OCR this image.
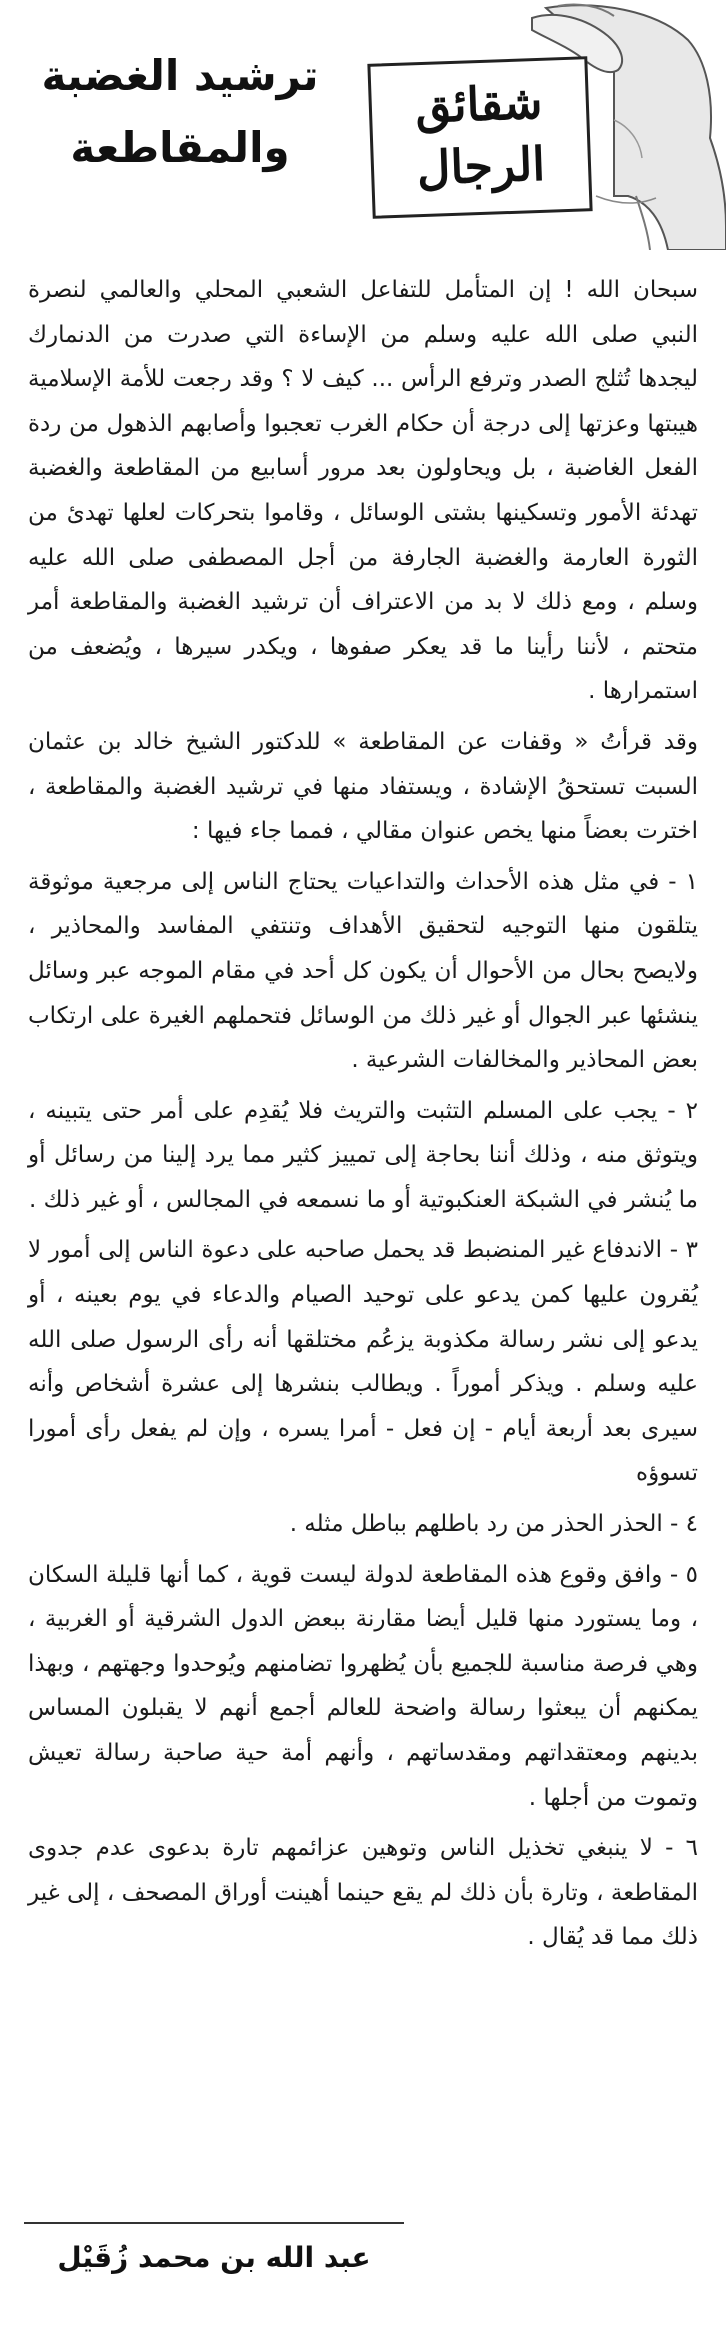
شقائق
الرجال
ترشيد الغضبة
والمقاطعة

سبحان الله ! إن المتأمل للتفاعل الشعبي المحلي والعالمي لنصرة النبي صلى الله عليه وسلم من الإساءة التي صدرت من الدنمارك ليجدها تُثلج الصدر وترفع الرأس ... كيف لا ؟ وقد رجعت للأمة الإسلامية هيبتها وعزتها إلى درجة أن حكام الغرب تعجبوا وأصابهم الذهول من ردة الفعل الغاضبة ، بل ويحاولون بعد مرور أسابيع من المقاطعة والغضبة تهدئة الأمور وتسكينها بشتى الوسائل ، وقاموا بتحركات لعلها تهدئ من الثورة العارمة والغضبة الجارفة من أجل المصطفى صلى الله عليه وسلم ، ومع ذلك لا بد من الاعتراف أن ترشيد الغضبة والمقاطعة أمر متحتم ، لأننا رأينا ما قد يعكر صفوها ، ويكدر سيرها ، ويُضعف من استمرارها .

وقد قرأتُ « وقفات عن المقاطعة » للدكتور الشيخ خالد بن عثمان السبت تستحقُ الإشادة ، ويستفاد منها في ترشيد الغضبة والمقاطعة ، اخترت بعضاً منها يخص عنوان مقالي ، فمما جاء فيها :

١ - في مثل هذه الأحداث والتداعيات يحتاج الناس إلى مرجعية موثوقة يتلقون منها التوجيه لتحقيق الأهداف وتنتفي المفاسد والمحاذير ، ولايصح بحال من الأحوال أن يكون كل أحد في مقام الموجه عبر وسائل ينشئها عبر الجوال أو غير ذلك من الوسائل فتحملهم الغيرة على ارتكاب بعض المحاذير والمخالفات الشرعية .

٢ - يجب على المسلم التثبت والتريث فلا يُقدِم على أمر حتى يتبينه ، ويتوثق منه ، وذلك أننا بحاجة إلى تمييز كثير مما يرد إلينا من رسائل أو ما يُنشر في الشبكة العنكبوتية أو ما نسمعه في المجالس ، أو غير ذلك .

٣ - الاندفاع غير المنضبط قد يحمل صاحبه على دعوة الناس إلى أمور لا يُقرون عليها كمن يدعو على توحيد الصيام والدعاء في يوم بعينه ، أو يدعو إلى نشر رسالة مكذوبة يزعُم مختلقها أنه رأى الرسول صلى الله عليه وسلم . ويذكر أموراً . ويطالب بنشرها إلى عشرة أشخاص وأنه سيرى بعد أربعة أيام - إن فعل - أمرا يسره ، وإن لم يفعل رأى أمورا تسوؤه

٤ - الحذر الحذر من رد باطلهم بباطل مثله .

٥ - وافق وقوع هذه المقاطعة لدولة ليست قوية ، كما أنها قليلة السكان ، وما يستورد منها قليل أيضا مقارنة ببعض الدول الشرقية أو الغربية ، وهي فرصة مناسبة للجميع بأن يُظهروا تضامنهم ويُوحدوا وجهتهم ، وبهذا يمكنهم أن يبعثوا رسالة واضحة للعالم أجمع أنهم لا يقبلون المساس بدينهم ومعتقداتهم ومقدساتهم ، وأنهم أمة حية صاحبة رسالة تعيش وتموت من أجلها .

٦ - لا ينبغي تخذيل الناس وتوهين عزائمهم تارة بدعوى عدم جدوى المقاطعة ، وتارة بأن ذلك لم يقع حينما أهينت أوراق المصحف ، إلى غير ذلك مما قد يُقال .

عبد الله بن محمد زُقَيْل
